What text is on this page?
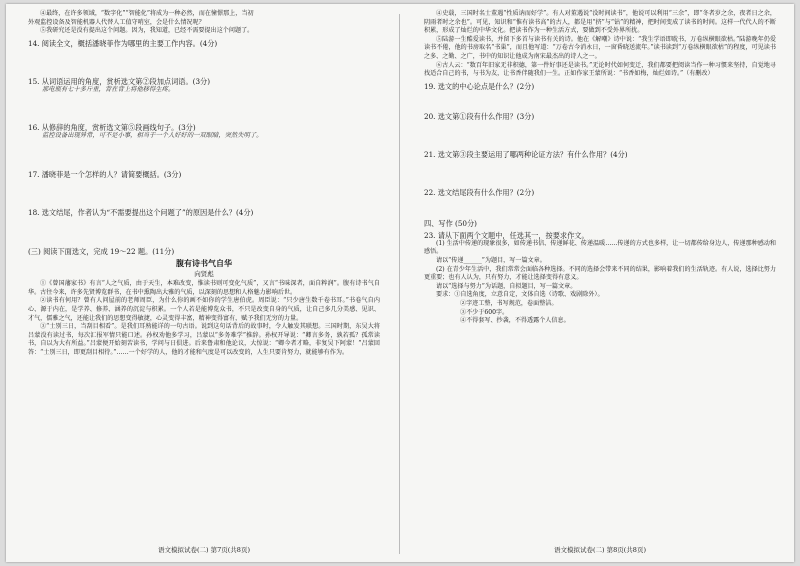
④最终，在许多领域，“数字化”“智能化”将成为一种必然，而在憧憬那上，当初

外观监控设备及智能机器人代替人工值守哨室，会是什么情况呢？

⑤我研究还是没有提出这个问题。因为，我知道，已经不需要提出这个问题了。

14. 阅读全文，概括潘晓菲作为哪里的主要工作内容。(4分)

15. 从词语运用的角度，赏析选文第②段加点词语。(3分)

那电瓶有七十多斤重，背在背上将他移得生疼。

16. 从修辞的角度，赏析选文第⑤段画线句子。(3分)

监控设备出现异常，可不是小事，相当于一个人好好的一双眼睛，突然失明了。

17. 潘晓菲是一个怎样的人？请简要概括。(3分)

18. 选文结尾，作者认为“不需要提出这个问题了”的原因是什么？(4分)

(三) 阅读下面选文，完成 19～22 题。(11分)

腹有诗书气自华

向贤彪

①《曾国藩家书》有言“人之气质，由于天生，本难改变，惟读书则可变化气质”，又言“书味深者，面自粹润”。腹有诗书气自华。古往今来，许多先贤博览群书，在书中熏陶出大雅的气质，以深刻的思想和人格魅力影响后世。

②读书有何用？曾有人问屋前的老师周臣，为什么你的画不如你的学生唐伯虎。周臣说：“只少唐生数千卷书耳。”书卷气自内心、源于内在，是学养、修养、涵养的沉淀与积累。一个人若是能博览众书，不只是改变自身的气质，让自己多几分美感、见识、才气，儒雅之气，还能让我们的思想变得敏捷，心灵变得丰富，精神变得富有，赋予我们无穷的力量。

③“士别三日，当刮目相看”。是我们耳熟能详的一句古语。说到这句话背后的故事时，令人触发其联想。三国时期，东吴大将吕蒙没有读过书，每次汇报军情只能口述。孙权劝他多学习，吕蒙以“多务难学”推辞。孙权开导说：“卿言多务，孰若孤？孤常读书，自以为大有所益。”吕蒙便开始刻苦读书，学问与日俱进。后来鲁肃和他论议，大惊说：“卿今者才略，非复吴下阿蒙！”吕蒙回答：“士别三日，即更刮目相待。”……一个好学的人，他的才能和气度是可以改变的，人生只要肯努力，就能够有作为。

④史载，三国时名士董遇“性质讷而好学”。有人对董遇说“没时间读书”，他说可以利用“三余”，即“冬者岁之余，夜者日之余，阴雨者时之余也”。可见，知识和“惟有读书高”的古人，都是用“挤”与“钻”的精神，把时间变成了读书的时间。这样一代代人的不断积累，形成了灿烂的中华文化。把读书作为一种生活方式，要做到不受外界所扰。

⑤陆游一生酷爱读书，并留下多首与读书有关的诗。他在《解嘲》诗中说：“我生学语即耽书，万卷纵横眼欲枯。”陆游晚年仍爱读书不倦，他的书房取名“书巢”，而且他写道：“万卷古今消永日，一窗昏晓送流年。”读书读到“万卷纵横眼欲枯”的程度，可见读书之多、之勤、之广，书中的知识让他成为南宋最杰出的诗人之一。

⑥古人云：“数百年旧家无非积德，第一件好事还是读书。”无论时代如何变迁，我们都要把阅读当作一种习惯来坚持，自觉地寻找适合自己的书，与书为友，让书香伴随我们一生。正如作家王蒙所说：“书香如梅，灿烂如诗。”（有删改）

19. 选文的中心论点是什么？(2分)

20. 选文第①段有什么作用？(3分)

21. 选文第③段主要运用了哪两种论证方法？有什么作用？(4分)

22. 选文结尾段有什么作用？(2分)

四、写作 (50分)

23. 请从下面两个文题中，任选其一，按要求作文。

(1) 生活中传递的现象很多，如传递书信、传递鲜花、传递温暖……传递的方式也多样，让一切都传给身边人，传递那种感动和感悟。

请以“传递______”为题目，写一篇文章。

(2) 在青少年生活中，我们常常会面临各种选择。不同的选择会带来不同的结果，影响着我们的生活轨迹。有人说，选择比努力更重要；也有人认为，只有努力，才能让选择变得有意义。

请以“选择与努力”为话题，自拟题目，写一篇文章。

要求：①自选角度，立意自定，文体自选（诗歌、戏剧除外）。

②字迹工整，书写规范，卷面整洁。

③不少于600字。

④不得套写、抄袭，不得透露个人信息。

语文模拟试卷(二) 第7页(共8页)	语文模拟试卷(二) 第8页(共8页)
